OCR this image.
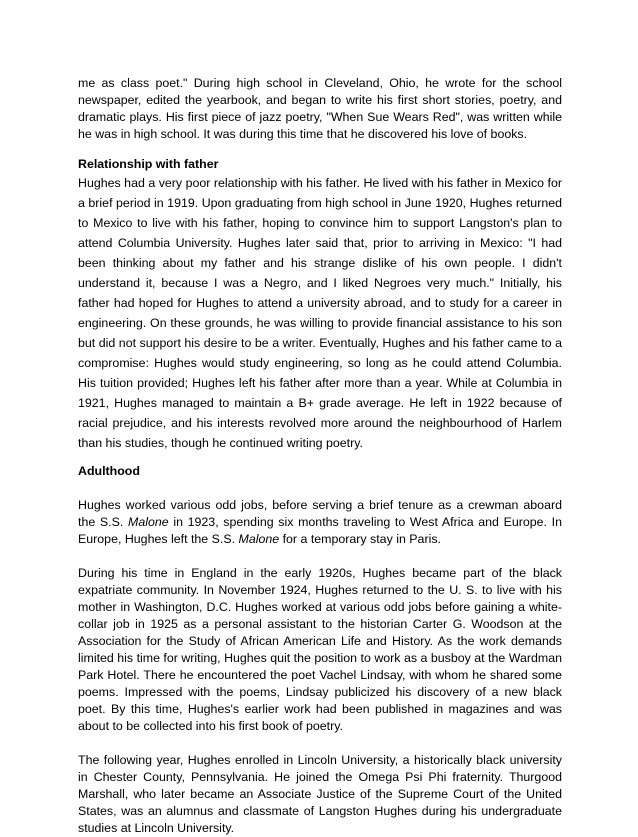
me as class poet." During high school in Cleveland, Ohio, he wrote for the school newspaper, edited the yearbook, and began to write his first short stories, poetry, and dramatic plays. His first piece of jazz poetry, "When Sue Wears Red", was written while he was in high school. It was during this time that he discovered his love of books.

Relationship with father

Hughes had a very poor relationship with his father. He lived with his father in Mexico for a brief period in 1919. Upon graduating from high school in June 1920, Hughes returned to Mexico to live with his father, hoping to convince him to support Langston's plan to attend Columbia University. Hughes later said that, prior to arriving in Mexico: "I had been thinking about my father and his strange dislike of his own people. I didn't understand it, because I was a Negro, and I liked Negroes very much." Initially, his father had hoped for Hughes to attend a university abroad, and to study for a career in engineering. On these grounds, he was willing to provide financial assistance to his son but did not support his desire to be a writer. Eventually, Hughes and his father came to a compromise: Hughes would study engineering, so long as he could attend Columbia. His tuition provided; Hughes left his father after more than a year. While at Columbia in 1921, Hughes managed to maintain a B+ grade average. He left in 1922 because of racial prejudice, and his interests revolved more around the neighbourhood of Harlem than his studies, though he continued writing poetry.

Adulthood

Hughes worked various odd jobs, before serving a brief tenure as a crewman aboard the S.S. Malone in 1923, spending six months traveling to West Africa and Europe. In Europe, Hughes left the S.S. Malone for a temporary stay in Paris.

During his time in England in the early 1920s, Hughes became part of the black expatriate community. In November 1924, Hughes returned to the U. S. to live with his mother in Washington, D.C. Hughes worked at various odd jobs before gaining a white-collar job in 1925 as a personal assistant to the historian Carter G. Woodson at the Association for the Study of African American Life and History. As the work demands limited his time for writing, Hughes quit the position to work as a busboy at the Wardman Park Hotel. There he encountered the poet Vachel Lindsay, with whom he shared some poems. Impressed with the poems, Lindsay publicized his discovery of a new black poet. By this time, Hughes's earlier work had been published in magazines and was about to be collected into his first book of poetry.

The following year, Hughes enrolled in Lincoln University, a historically black university in Chester County, Pennsylvania. He joined the Omega Psi Phi fraternity. Thurgood Marshall, who later became an Associate Justice of the Supreme Court of the United States, was an alumnus and classmate of Langston Hughes during his undergraduate studies at Lincoln University.
